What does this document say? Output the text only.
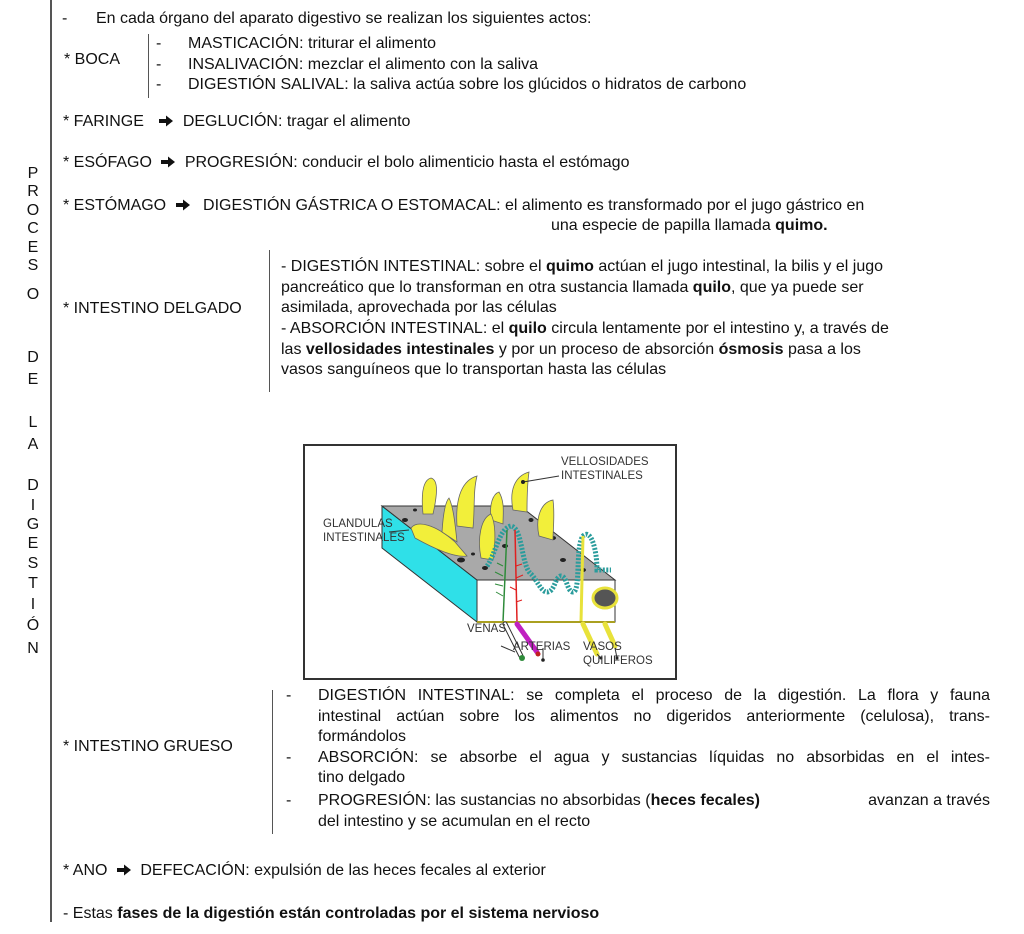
P
R
O
C
E
S
O
D
E
L
A
D
I
G
E
S
T
I
Ó
N
- En cada órgano del aparato digestivo se realizan los siguientes actos:
* BOCA
- MASTICACIÓN: triturar el alimento
- INSALIVACIÓN: mezclar el alimento con la saliva
- DIGESTIÓN SALIVAL: la saliva actúa sobre los glúcidos o hidratos de carbono
* FARINGE DEGLUCIÓN: tragar el alimento
* ESÓFAGO PROGRESIÓN: conducir el bolo alimenticio hasta el estómago
* ESTÓMAGO DIGESTIÓN GÁSTRICA O ESTOMACAL: el alimento es transformado por el jugo gástrico en
una especie de papilla llamada quimo.
* INTESTINO DELGADO
- DIGESTIÓN INTESTINAL: sobre el quimo actúan el jugo intestinal, la bilis y el jugo
pancreático que lo transforman en otra sustancia llamada quilo, que ya puede ser
asimilada, aprovechada por las células
- ABSORCIÓN INTESTINAL: el quilo circula lentamente por el intestino y, a través de
las vellosidades intestinales y por un proceso de absorción ósmosis pasa a los
vasos sanguíneos que lo transportan hasta las células
VELLOSIDADES
INTESTINALES
GLANDULAS
INTESTINALES
VENAS
ARTERIAS VASOS
QUILIFEROS
* INTESTINO GRUESO
- DIGESTIÓN INTESTINAL: se completa el proceso de la digestión. La flora y fauna
intestinal actúan sobre los alimentos no digeridos anteriormente (celulosa), trans-
formándolos
- ABSORCIÓN: se absorbe el agua y sustancias líquidas no absorbidas en el intes-
tino delgado
- PROGRESIÓN: las sustancias no absorbidas (heces fecales)	avanzan a través
del intestino y se acumulan en el recto
* ANO DEFECACIÓN: expulsión de las heces fecales al exterior
- Estas fases de la digestión están controladas por el sistema nervioso
